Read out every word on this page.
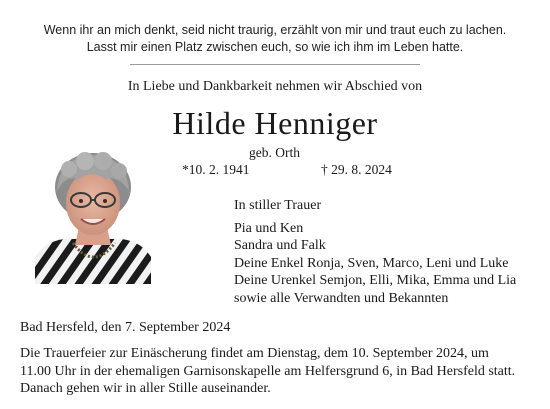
Wenn ihr an mich denkt, seid nicht traurig, erzählt von mir und traut euch zu lachen.
Lasst mir einen Platz zwischen euch, so wie ich ihm im Leben hatte.
In Liebe und Dankbarkeit nehmen wir Abschied von
Hilde Henniger
geb. Orth
*10. 2. 1941	† 29. 8. 2024
In stiller Trauer
Pia und Ken
Sandra und Falk
Deine Enkel Ronja, Sven, Marco, Leni und Luke
Deine Urenkel Semjon, Elli, Mika, Emma und Lia
sowie alle Verwandten und Bekannten
Bad Hersfeld, den 7. September 2024
Die Trauerfeier zur Einäscherung findet am Dienstag, dem 10. September 2024, um
11.00 Uhr in der ehemaligen Garnisonskapelle am Helfersgrund 6, in Bad Hersfeld statt.
Danach gehen wir in aller Stille auseinander.
